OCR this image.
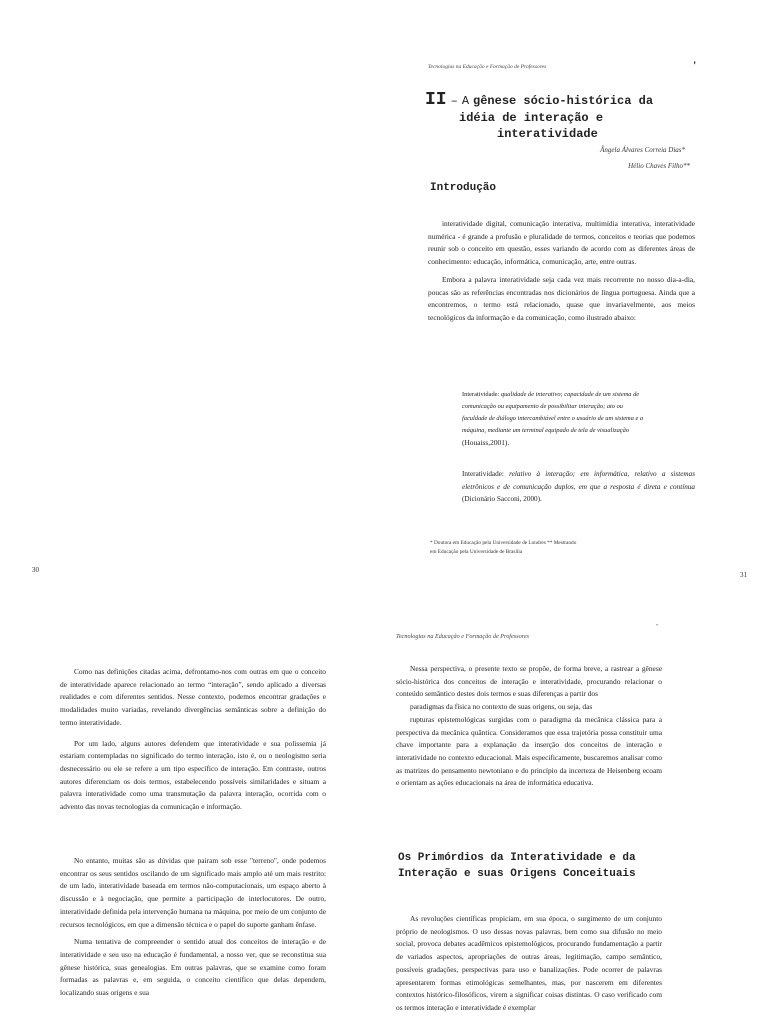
Tecnologias na Educação e Formação de Professores	'
II – A gênese sócio-histórica da
idéia de interação e
interatividade
Ângela Álvares Correia Dias*
Hélio Chaves Filho**
Introdução

interatividade digital, comunicação interativa, multimídia interativa, interatividade numérica - é grande a profusão e pluralidade de termos, conceitos e teorias que podemos reunir sob o conceito em questão, esses variando de acordo com as diferentes áreas de conhecimento: educação, informática, comunicação, arte, entre outras.

Embora a palavra interatividade seja cada vez mais recorrente no nosso dia-a-dia, poucas são as referências encontradas nos dicionários de língua portuguesa. Ainda que a encontremos, o termo está relacionado, quase que invariavelmente, aos meios tecnológicos da informação e da comunicação, como ilustrado abaixo:

Interatividade: qualidade de interativo; capacidade de um sistema de
comunicação ou equipamento de possibilitar interação; ato ou
faculdade de diálogo intercambiável entre o usuário de um sistema e a
máquina, mediante um terminal equipado de tela de visualização
(Houaiss,2001).
Interatividade: relativo à interação; em informática, relativo a sistemas eletrônicos e de comunicação duplos, em que a resposta é direta e contínua (Dicionário Sacconi, 2000).
* Doutora em Educação pela Universidade de Londres ** Mestrando
em Educação pela Universidade de Brasília
30
31
Tecnologias na Educação e Formação de Professores
''

Como nas definições citadas acima, defrontamo-nos com outras em que o conceito de interatividade aparece relacionado ao termo “interação”, sendo aplicado a diversas realidades e com diferentes sentidos. Nesse contexto, podemos encontrar gradações e modalidades muito variadas, revelando divergências semânticas sobre a definição do termo interatividade.

Por um lado, alguns autores defendem que interatividade e sua polissemia já estariam contempladas no significado do termo interação, isto é, ou o neologismo seria desnecessário ou ele se refere a um tipo específico de interação. Em contraste, outros autores diferenciam os dois termos, estabelecendo possíveis similaridades e situam a palavra interatividade como uma transmutação da palavra interação, ocorrida com o advento das novas tecnologias da comunicação e informação.

No entanto, muitas são as dúvidas que pairam sob esse "terreno", onde podemos encontrar os seus sentidos oscilando de um significado mais amplo até um mais restrito: de um lado, interatividade baseada em termos não-computacionais, um espaço aberto à discussão e à negociação, que permite a participação de interlocutores. De outro, interatividade definida pela intervenção humana na máquina, por meio de um conjunto de recursos tecnológicos, em que a dimensão técnica e o papel do suporte ganham ênfase.

Numa tentativa de compreender o sentido atual dos conceitos de interação e de interatividade e seu uso na educação é fundamental, a nosso ver, que se reconstitua sua gênese histórica, suas genealogias. Em outras palavras, que se examine como foram formadas as palavras e, em seguida, o conceito científico que delas dependem, localizando suas origens e sua

Nessa perspectiva, o presente texto se propõe, de forma breve, a rastrear a gênese sócio-histórica dos conceitos de interação e interatividade, procurando relacionar o conteúdo semântico destes dois termos e suas diferenças a partir dos

paradigmas da física no contexto de suas origens, ou seja, das

rupturas epistemológicas surgidas com o paradigma da mecânica clássica para a perspectiva da mecânica quântica. Consideramos que essa trajetória possa constituir uma chave importante para a explanação da inserção dos conceitos de interação e interatividade no contexto educacional. Mais especificamente, buscaremos analisar como as matrizes do pensamento newtoniano e do princípio da incerteza de Heisenberg ecoam e orientam as ações educacionais na área de informática educativa.

Os Primórdios da Interatividade e da
Interação e suas Origens Conceituais

As revoluções científicas propiciam, em sua época, o surgimento de um conjunto próprio de neologismos. O uso dessas novas palavras, bem como sua difusão no meio social, provoca debates acadêmicos epistemológicos, procurando fundamentação a partir de variados aspectos, apropriações de outras áreas, legitimação, campo semântico, possíveis gradações, perspectivas para uso e banalizações. Pode ocorrer de palavras apresentarem formas etimológicas semelhantes, mas, por nascerem em diferentes contextos histórico-filosóficos, virem a significar coisas distintas. O caso verificado com os termos interação e interatividade é exemplar
